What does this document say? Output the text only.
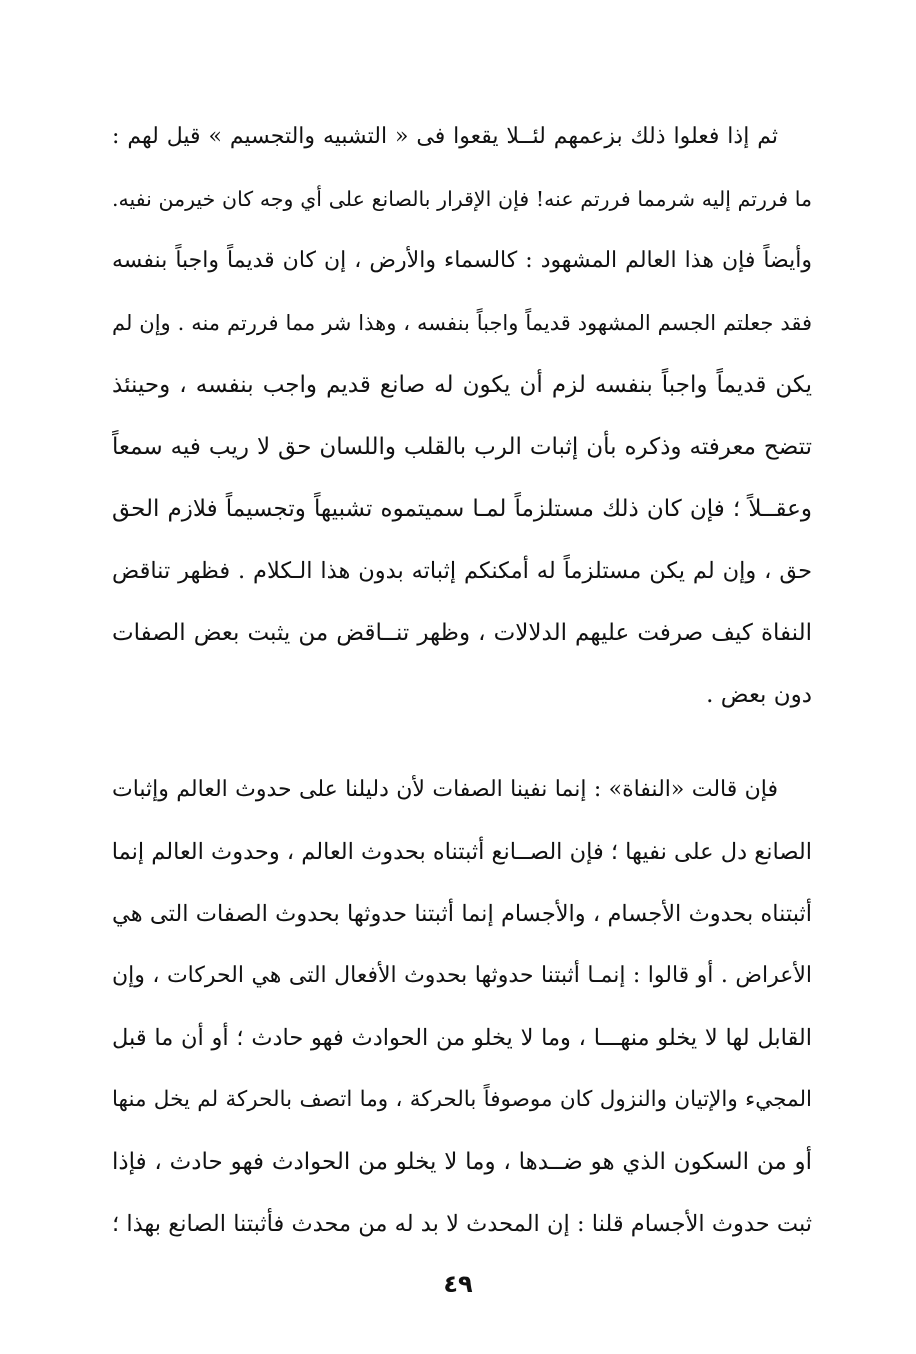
ثم إذا فعلوا ذلك بزعمهم لئــلا يقعوا فى « التشبيه والتجسيم » قيل لهم :
ما فررتم إليه شرمما فررتم عنه! فإن الإقرار بالصانع على أي وجه كان خيرمن نفيه.
وأيضاً فإن هذا العالم المشهود : كالسماء والأرض ، إن كان قديماً واجباً بنفسه
فقد جعلتم الجسم المشهود قديماً واجباً بنفسه ، وهذا شر مما فررتم منه . وإن لم
يكن قديماً واجباً بنفسه لزم أن يكون له صانع قديم واجب بنفسه ، وحينئذ
تتضح معرفته وذكره بأن إثبات الرب بالقلب واللسان حق لا ريب فيه سمعاً
وعقــلاً ؛ فإن كان ذلك مستلزماً لمـا سميتموه تشبيهاً وتجسيماً فلازم الحق
حق ، وإن لم يكن مستلزماً له أمكنكم إثباته بدون هذا الـكلام . فظهر تناقض
النفاة كيف صرفت عليهم الدلالات ، وظهر تنــاقض من يثبت بعض الصفات
دون بعض .
فإن قالت «النفاة» : إنما نفينا الصفات لأن دليلنا على حدوث العالم وإثبات
الصانع دل على نفيها ؛ فإن الصــانع أثبتناه بحدوث العالم ، وحدوث العالم إنما
أثبتناه بحدوث الأجسام ، والأجسام إنما أثبتنا حدوثها بحدوث الصفات التى هي
الأعراض . أو قالوا : إنمـا أثبتنا حدوثها بحدوث الأفعال التى هي الحركات ، وإن
القابل لها لا يخلو منهـــا ، وما لا يخلو من الحوادث فهو حادث ؛ أو أن ما قبل
المجيء والإتيان والنزول كان موصوفاً بالحركة ، وما اتصف بالحركة لم يخل منها
أو من السكون الذي هو ضــدها ، وما لا يخلو من الحوادث فهو حادث ، فإذا
ثبت حدوث الأجسام قلنا : إن المحدث لا بد له من محدث فأثبتنا الصانع بهذا ؛
٤٩
